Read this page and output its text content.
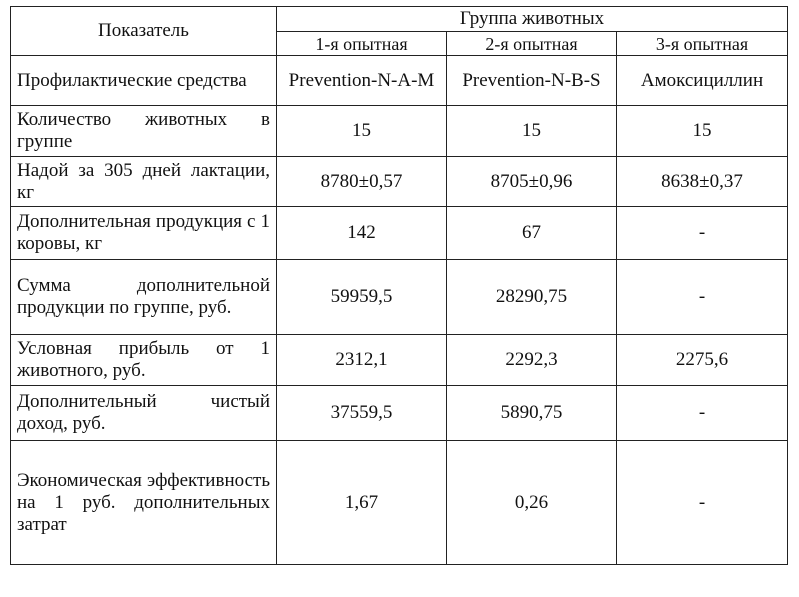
Показатель	Группа животных		
	1-я опытная	2-я опытная	3-я опытная
Профилактические средства	Prevention-N-A-M	Prevention-N-B-S	Амоксициллин
Количество животных в группе	15	15	15
Надой за 305 дней лактации, кг	8780±0,57	8705±0,96	8638±0,37
Дополнительная продукция с 1 коровы, кг	142	67	-
Сумма дополнительной продукции по группе, руб.	59959,5	28290,75	-
Условная прибыль от 1 животного, руб.	2312,1	2292,3	2275,6
Дополнительный чистый доход, руб.	37559,5	5890,75	-
Экономическая эффективность на 1 руб. дополнительных затрат	1,67	0,26	-
